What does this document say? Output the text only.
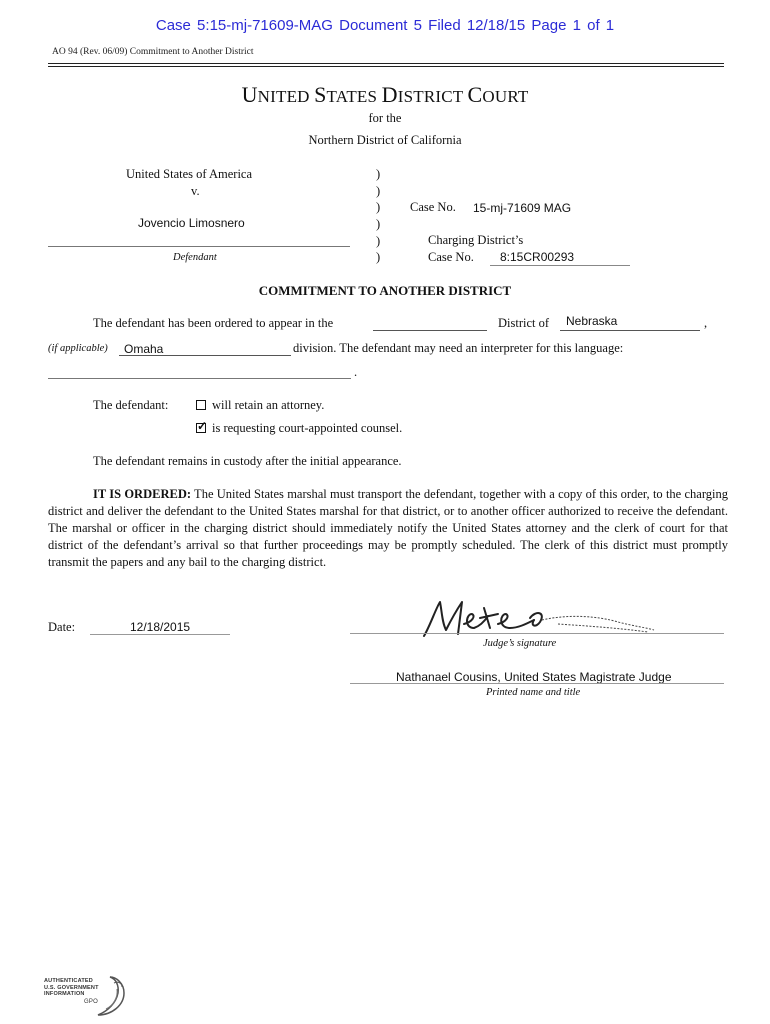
Case 5:15-mj-71609-MAG Document 5 Filed 12/18/15 Page 1 of 1
AO 94 (Rev. 06/09) Commitment to Another District
UNITED STATES DISTRICT COURT
for the
Northern District of California
United States of America
v.
Jovencio Limosnero
Defendant
)
)
)
)
)
)
Case No. 15-mj-71609 MAG
Charging District’s
Case No. 8:15CR00293
COMMITMENT TO ANOTHER DISTRICT
The defendant has been ordered to appear in the	District of Nebraska	,
(if applicable) Omaha	division. The defendant may need an interpreter for this language:
.
The defendant:	will retain an attorney.
✓is requesting court-appointed counsel.
The defendant remains in custody after the initial appearance.
IT IS ORDERED: The United States marshal must transport the defendant, together with a copy of this order, to the charging district and deliver the defendant to the United States marshal for that district, or to another officer authorized to receive the defendant. The marshal or officer in the charging district should immediately notify the United States attorney and the clerk of court for that district of the defendant’s arrival so that further proceedings may be promptly scheduled. The clerk of this district must promptly transmit the papers and any bail to the charging district.
Date:	12/18/2015
Judge’s signature
Nathanael Cousins, United States Magistrate Judge
Printed name and title
AUTHENTICATED
U.S. GOVERNMENT
INFORMATION
GPO
